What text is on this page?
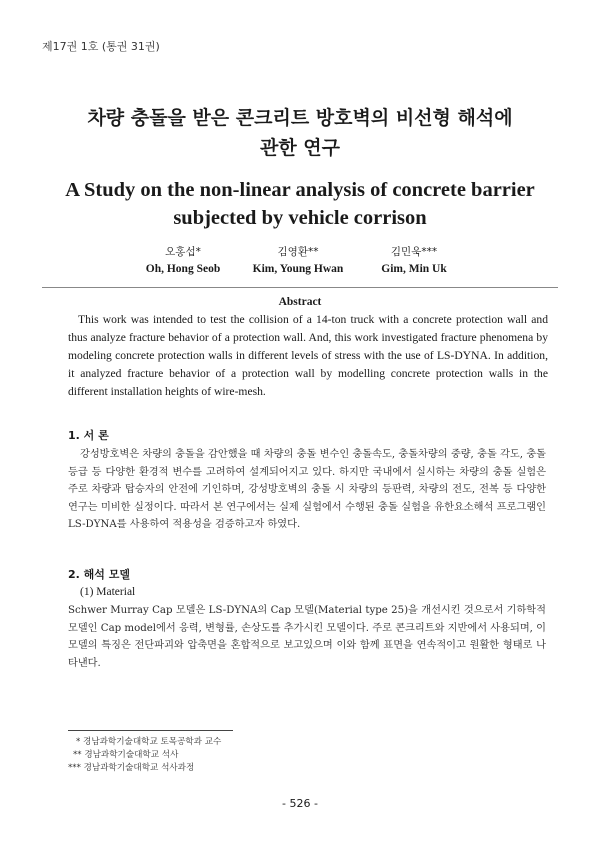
제17권 1호 (통권 31권)
차량 충돌을 받은 콘크리트 방호벽의 비선형 해석에
관한 연구
A Study on the non-linear analysis of concrete barrier
subjected by vehicle corrison
오홍섭*
Oh, Hong Seob
김영환**
Kim, Young Hwan
김민욱***
Gim, Min Uk
Abstract
This work was intended to test the collision of a 14-ton truck with a concrete protection wall and thus analyze fracture behavior of a protection wall. And, this work investigated fracture phenomena by modeling concrete protection walls in different levels of stress with the use of LS-DYNA. In addition, it analyzed fracture behavior of a protection wall by modelling concrete protection walls in the different installation heights of wire-mesh.
1. 서 론
강성방호벽은 차량의 충돌을 감안했을 때 차량의 충돌 변수인 충돌속도, 충돌차량의 중량, 충돌 각도, 충돌 등급 등 다양한 환경적 변수를 고려하여 설계되어지고 있다. 하지만 국내에서 실시하는 차량의 충돌 실험은 주로 차량과 탑승자의 안전에 기인하며, 강성방호벽의 충돌 시 차량의 등판력, 차량의 전도, 전복 등 다양한 연구는 미비한 실정이다. 따라서 본 연구에서는 실제 실험에서 수행된 충돌 실험을 유한요소해석 프로그램인 LS-DYNA를 사용하여 적용성을 검증하고자 하였다.
2. 해석 모델
(1) Material
Schwer Murray Cap 모델은 LS-DYNA의 Cap 모델(Material type 25)을 개선시킨 것으로서 기하학적 모델인 Cap model에서 응력, 변형률, 손상도를 추가시킨 모델이다. 주로 콘크리트와 지반에서 사용되며, 이 모델의 특징은 전단파괴와 압축면을 혼합적으로 보고있으며 이와 함께 표면을 연속적이고 원활한 형태로 나타낸다.
* 경남과학기술대학교 토목공학과 교수
** 경남과학기술대학교 석사
*** 경남과학기술대학교 석사과정
- 526 -
